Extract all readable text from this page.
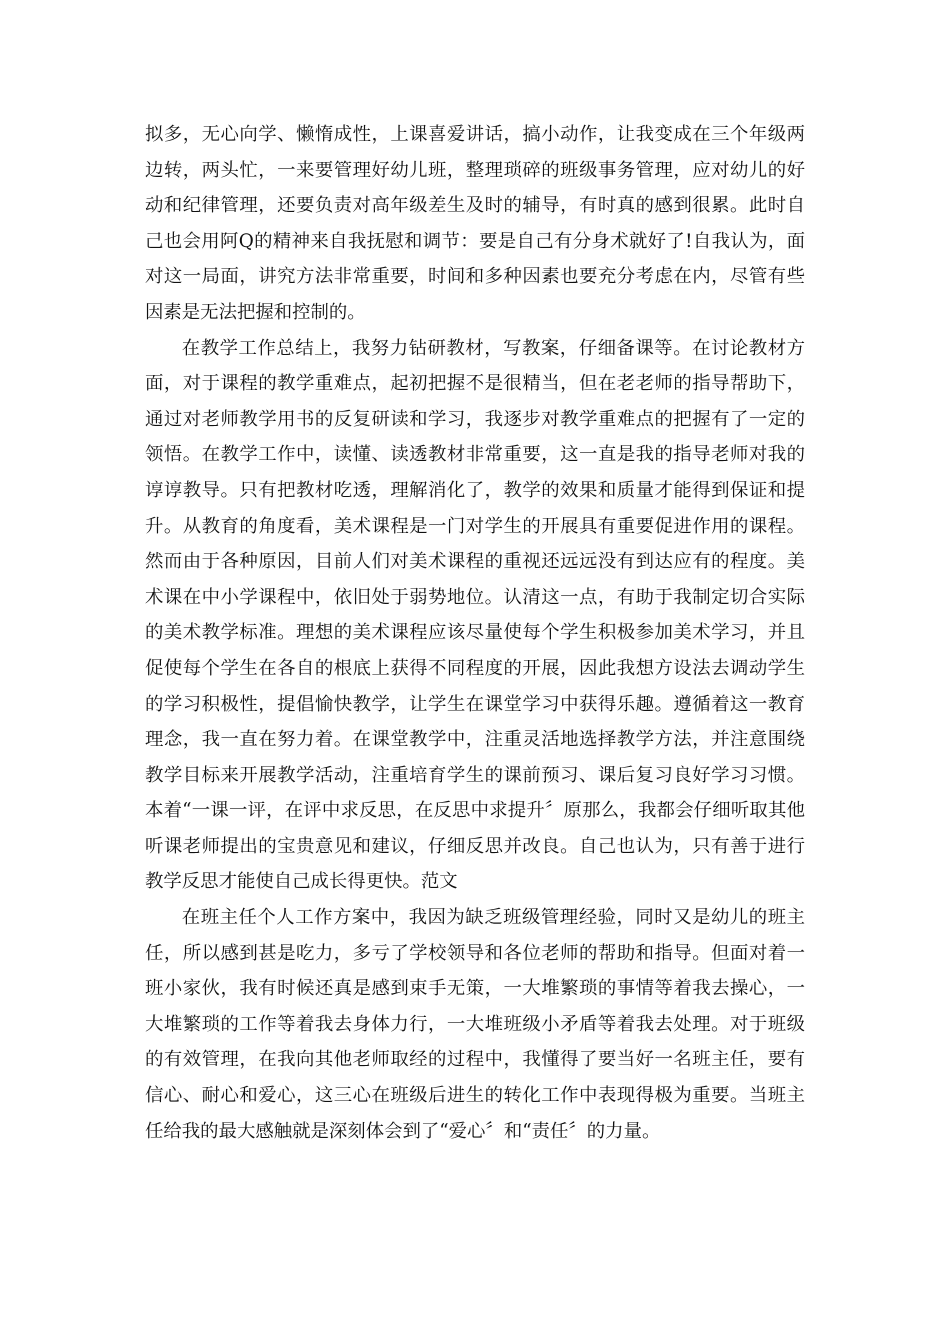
拟多，无心向学、懒惰成性，上课喜爱讲话，搞小动作，让我变成在三个年级两边转，两头忙，一来要管理好幼儿班，整理琐碎的班级事务管理，应对幼儿的好动和纪律管理，还要负责对高年级差生及时的辅导，有时真的感到很累。此时自己也会用阿Q的精神来自我抚慰和调节：要是自己有分身术就好了!自我认为，面对这一局面，讲究方法非常重要，时间和多种因素也要充分考虑在内，尽管有些因素是无法把握和控制的。

在教学工作总结上，我努力钻研教材，写教案，仔细备课等。在讨论教材方面，对于课程的教学重难点，起初把握不是很精当，但在老老师的指导帮助下，通过对老师教学用书的反复研读和学习，我逐步对教学重难点的把握有了一定的领悟。在教学工作中，读懂、读透教材非常重要，这一直是我的指导老师对我的谆谆教导。只有把教材吃透，理解消化了，教学的效果和质量才能得到保证和提升。从教育的角度看，美术课程是一门对学生的开展具有重要促进作用的课程。然而由于各种原因，目前人们对美术课程的重视还远远没有到达应有的程度。美术课在中小学课程中，依旧处于弱势地位。认清这一点，有助于我制定切合实际的美术教学标准。理想的美术课程应该尽量使每个学生积极参加美术学习，并且促使每个学生在各自的根底上获得不同程度的开展，因此我想方设法去调动学生的学习积极性，提倡愉快教学，让学生在课堂学习中获得乐趣。遵循着这一教育理念，我一直在努力着。在课堂教学中，注重灵活地选择教学方法，并注意围绕教学目标来开展教学活动，注重培育学生的课前预习、课后复习良好学习习惯。本着“一课一评，在评中求反思，在反思中求提升〞原那么，我都会仔细听取其他听课老师提出的宝贵意见和建议，仔细反思并改良。自己也认为，只有善于进行教学反思才能使自己成长得更快。范文

在班主任个人工作方案中，我因为缺乏班级管理经验，同时又是幼儿的班主任，所以感到甚是吃力，多亏了学校领导和各位老师的帮助和指导。但面对着一班小家伙，我有时候还真是感到束手无策，一大堆繁琐的事情等着我去操心，一大堆繁琐的工作等着我去身体力行，一大堆班级小矛盾等着我去处理。对于班级的有效管理，在我向其他老师取经的过程中，我懂得了要当好一名班主任，要有信心、耐心和爱心，这三心在班级后进生的转化工作中表现得极为重要。当班主任给我的最大感触就是深刻体会到了“爱心〞和“责任〞的力量。
